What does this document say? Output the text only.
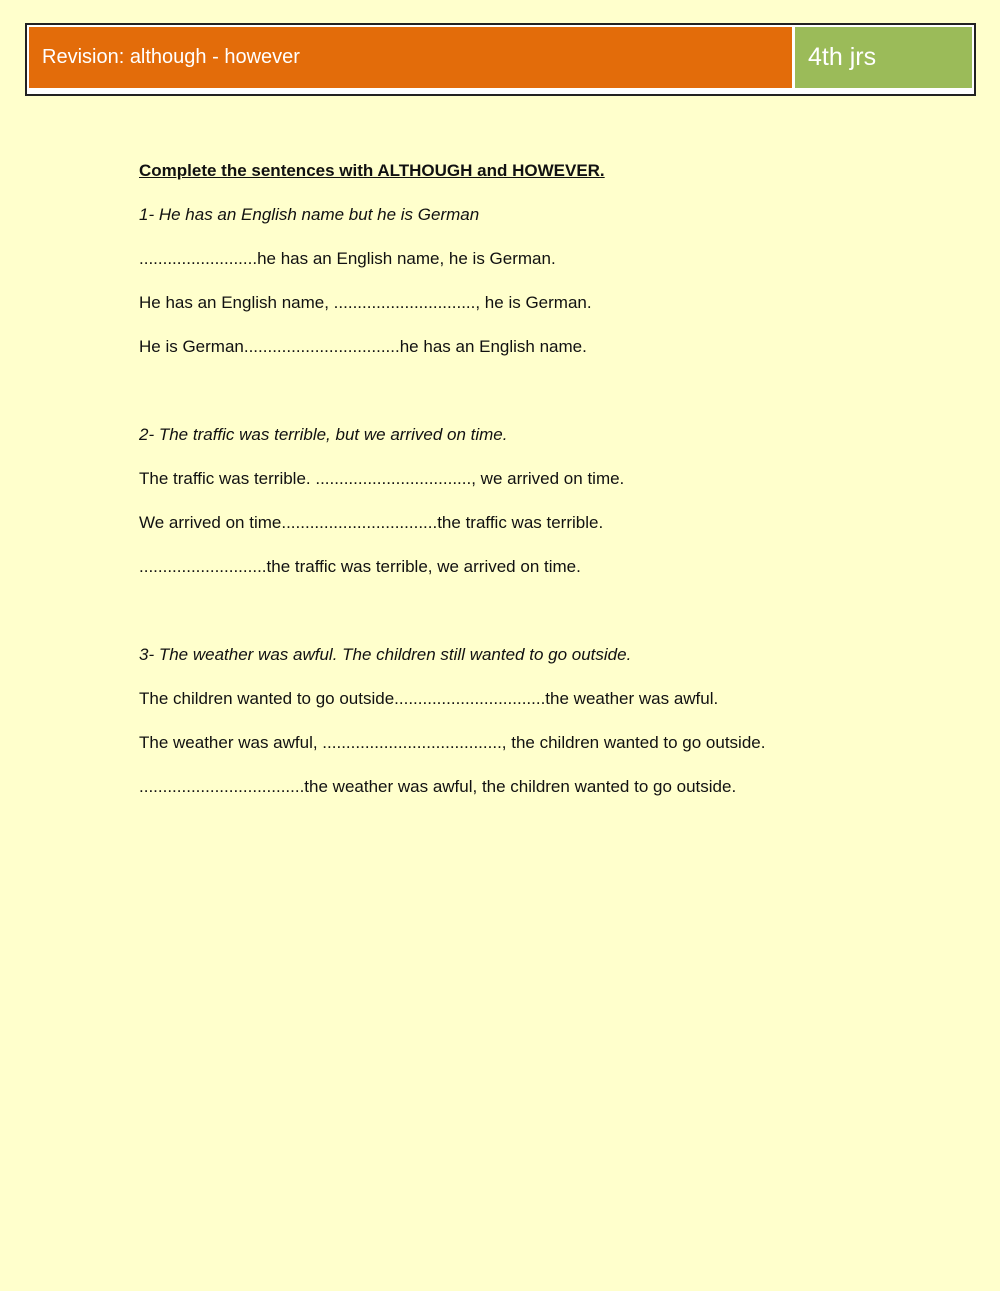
Revision: although - however	4th jrs

Complete the sentences with ALTHOUGH and HOWEVER.

1- He has an English name but he is German

.........................he has an English name, he is German.

He has an English name, .............................., he is German.

He is German.................................he has an English name.

2- The traffic was terrible, but we arrived on time.

The traffic was terrible. ................................., we arrived on time.

We arrived on time.................................the traffic was terrible.

...........................the traffic was terrible, we arrived on time.

3- The weather was awful. The children still wanted to go outside.

The children wanted to go outside................................the weather was awful.

The weather was awful, ......................................, the children wanted to go outside.

...................................the weather was awful, the children wanted to go outside.
